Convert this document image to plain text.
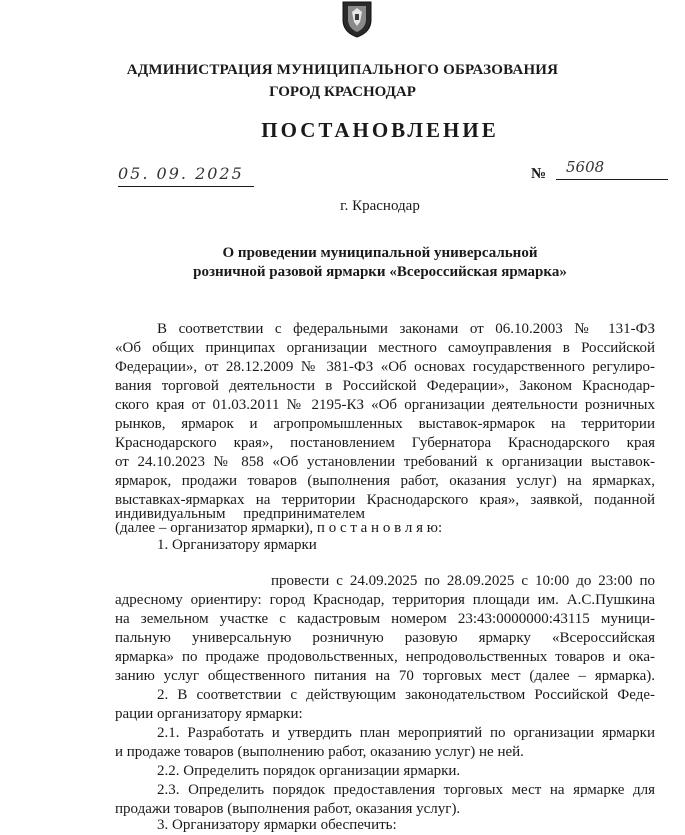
АДМИНИСТРАЦИЯ МУНИЦИПАЛЬНОГО ОБРАЗОВАНИЯ
ГОРОД КРАСНОДАР
ПОСТАНОВЛЕНИЕ
05. 09. 2025	№	5608
г. Краснодар
О проведении муниципальной универсальной
розничной разовой ярмарки «Всероссийская ярмарка»
В соответствии с федеральными законами от 06.10.2003 № 131-ФЗ
«Об общих принципах организации местного самоуправления в Российской
Федерации», от 28.12.2009 № 381-ФЗ «Об основах государственного регулиро-
вания торговой деятельности в Российской Федерации», Законом Краснодар-
ского края от 01.03.2011 № 2195-КЗ «Об организации деятельности розничных
рынков, ярмарок и агропромышленных выставок-ярмарок на территории
Краснодарского края», постановлением Губернатора Краснодарского края
от 24.10.2023 № 858 «Об установлении требований к организации выставок-
ярмарок, продажи товаров (выполнения работ, оказания услуг) на ярмарках,
выставках-ярмарках на территории Краснодарского края», заявкой, поданной
индивидуальным предпринимателем
(далее – организатор ярмарки), п о с т а н о в л я ю:
1. Организатору ярмарки
провести с 24.09.2025 по 28.09.2025 с 10:00 до 23:00 по
адресному ориентиру: город Краснодар, территория площади им. А.С.Пушкина
на земельном участке с кадастровым номером 23:43:0000000:43115 муници-
пальную универсальную розничную разовую ярмарку «Всероссийская
ярмарка» по продаже продовольственных, непродовольственных товаров и ока-
занию услуг общественного питания на 70 торговых мест (далее – ярмарка).
2. В соответствии с действующим законодательством Российской Феде-
рации организатору ярмарки:
2.1. Разработать и утвердить план мероприятий по организации ярмарки
и продаже товаров (выполнению работ, оказанию услуг) не ней.
2.2. Определить порядок организации ярмарки.
2.3. Определить порядок предоставления торговых мест на ярмарке для
продажи товаров (выполнения работ, оказания услуг).
3. Организатору ярмарки обеспечить:
